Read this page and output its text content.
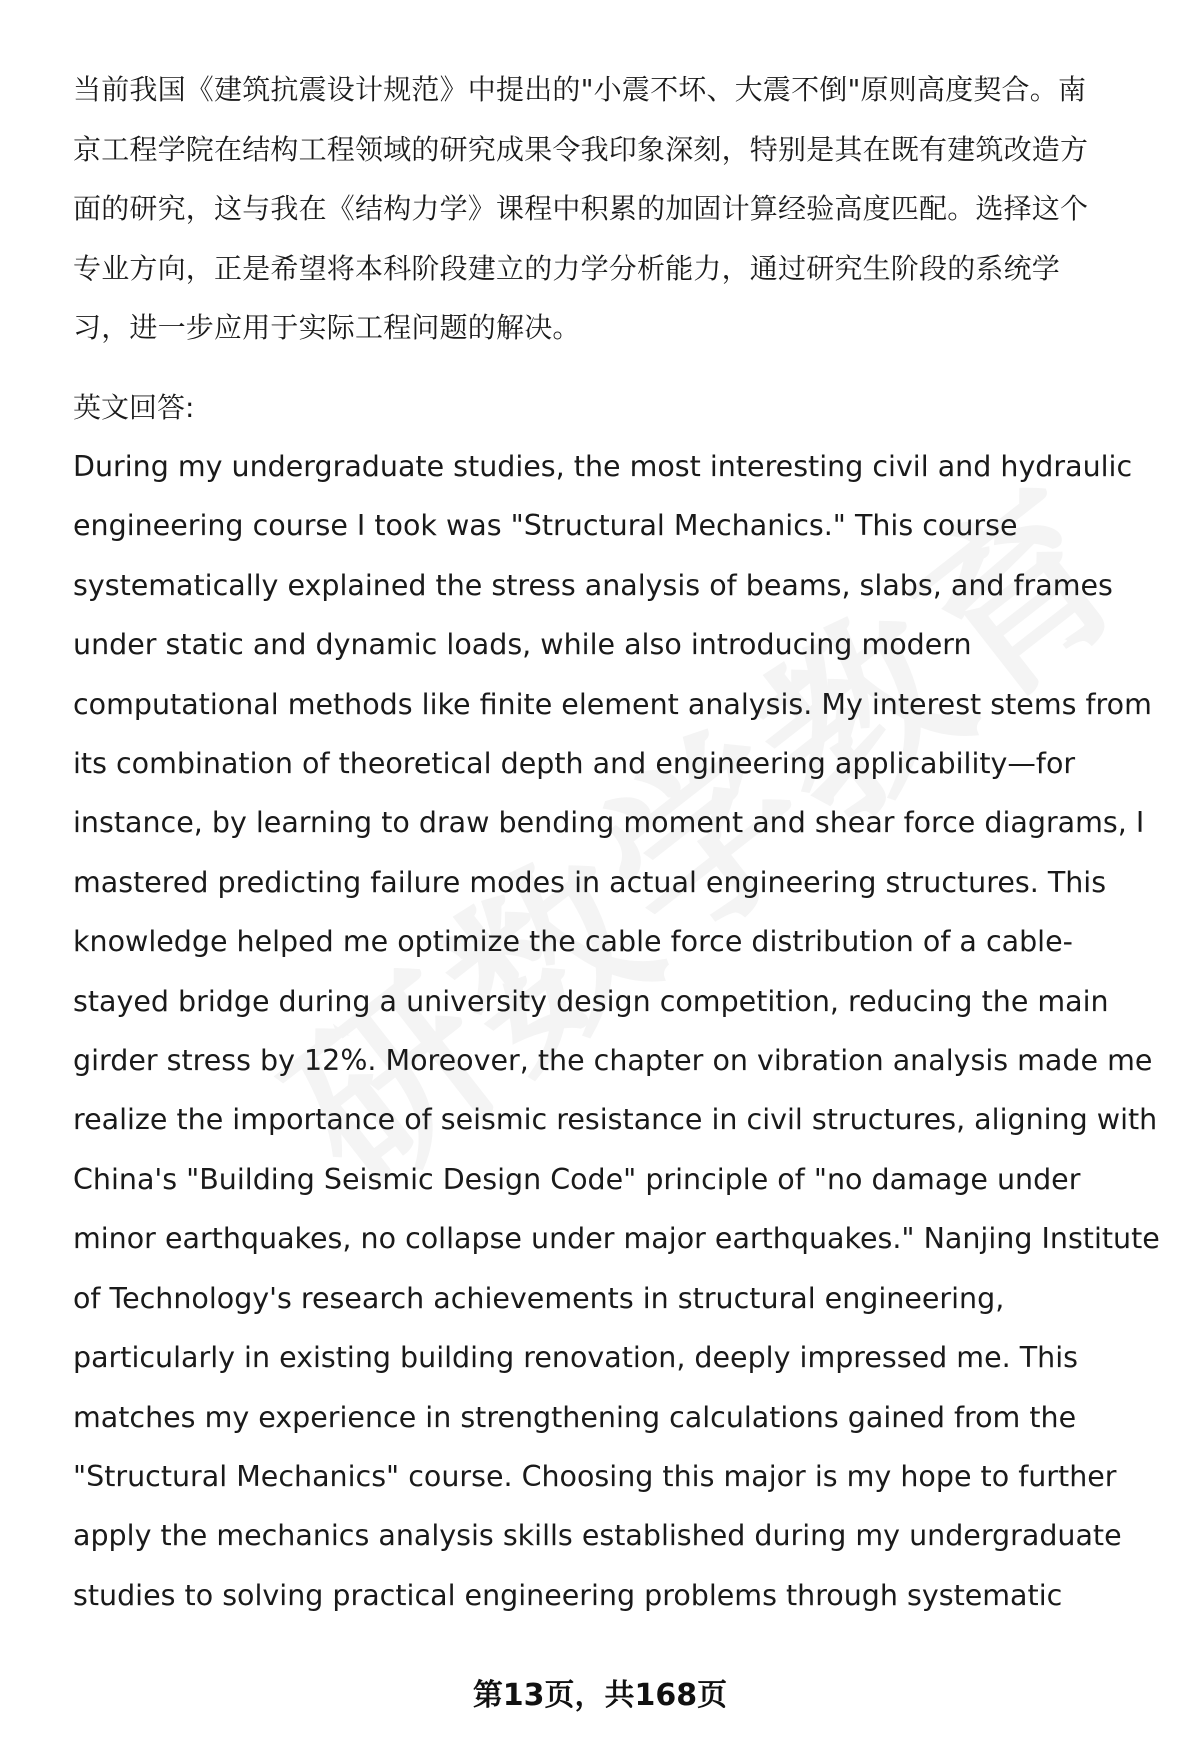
当前我国《建筑抗震设计规范》中提出的"小震不坏、大震不倒"原则高度契合。南
京工程学院在结构工程领域的研究成果令我印象深刻，特别是其在既有建筑改造方
面的研究，这与我在《结构力学》课程中积累的加固计算经验高度匹配。选择这个
专业方向，正是希望将本科阶段建立的力学分析能力，通过研究生阶段的系统学
习，进一步应用于实际工程问题的解决。

英文回答:

During my undergraduate studies, the most interesting civil and hydraulic
engineering course I took was "Structural Mechanics." This course
systematically explained the stress analysis of beams, slabs, and frames
under static and dynamic loads, while also introducing modern
computational methods like finite element analysis. My interest stems from
its combination of theoretical depth and engineering applicability—for
instance, by learning to draw bending moment and shear force diagrams, I
mastered predicting failure modes in actual engineering structures. This
knowledge helped me optimize the cable force distribution of a cable-
stayed bridge during a university design competition, reducing the main
girder stress by 12%. Moreover, the chapter on vibration analysis made me
realize the importance of seismic resistance in civil structures, aligning with
China's "Building Seismic Design Code" principle of "no damage under
minor earthquakes, no collapse under major earthquakes." Nanjing Institute
of Technology's research achievements in structural engineering,
particularly in existing building renovation, deeply impressed me. This
matches my experience in strengthening calculations gained from the
"Structural Mechanics" course. Choosing this major is my hope to further
apply the mechanics analysis skills established during my undergraduate
studies to solving practical engineering problems through systematic

第13页，共168页
